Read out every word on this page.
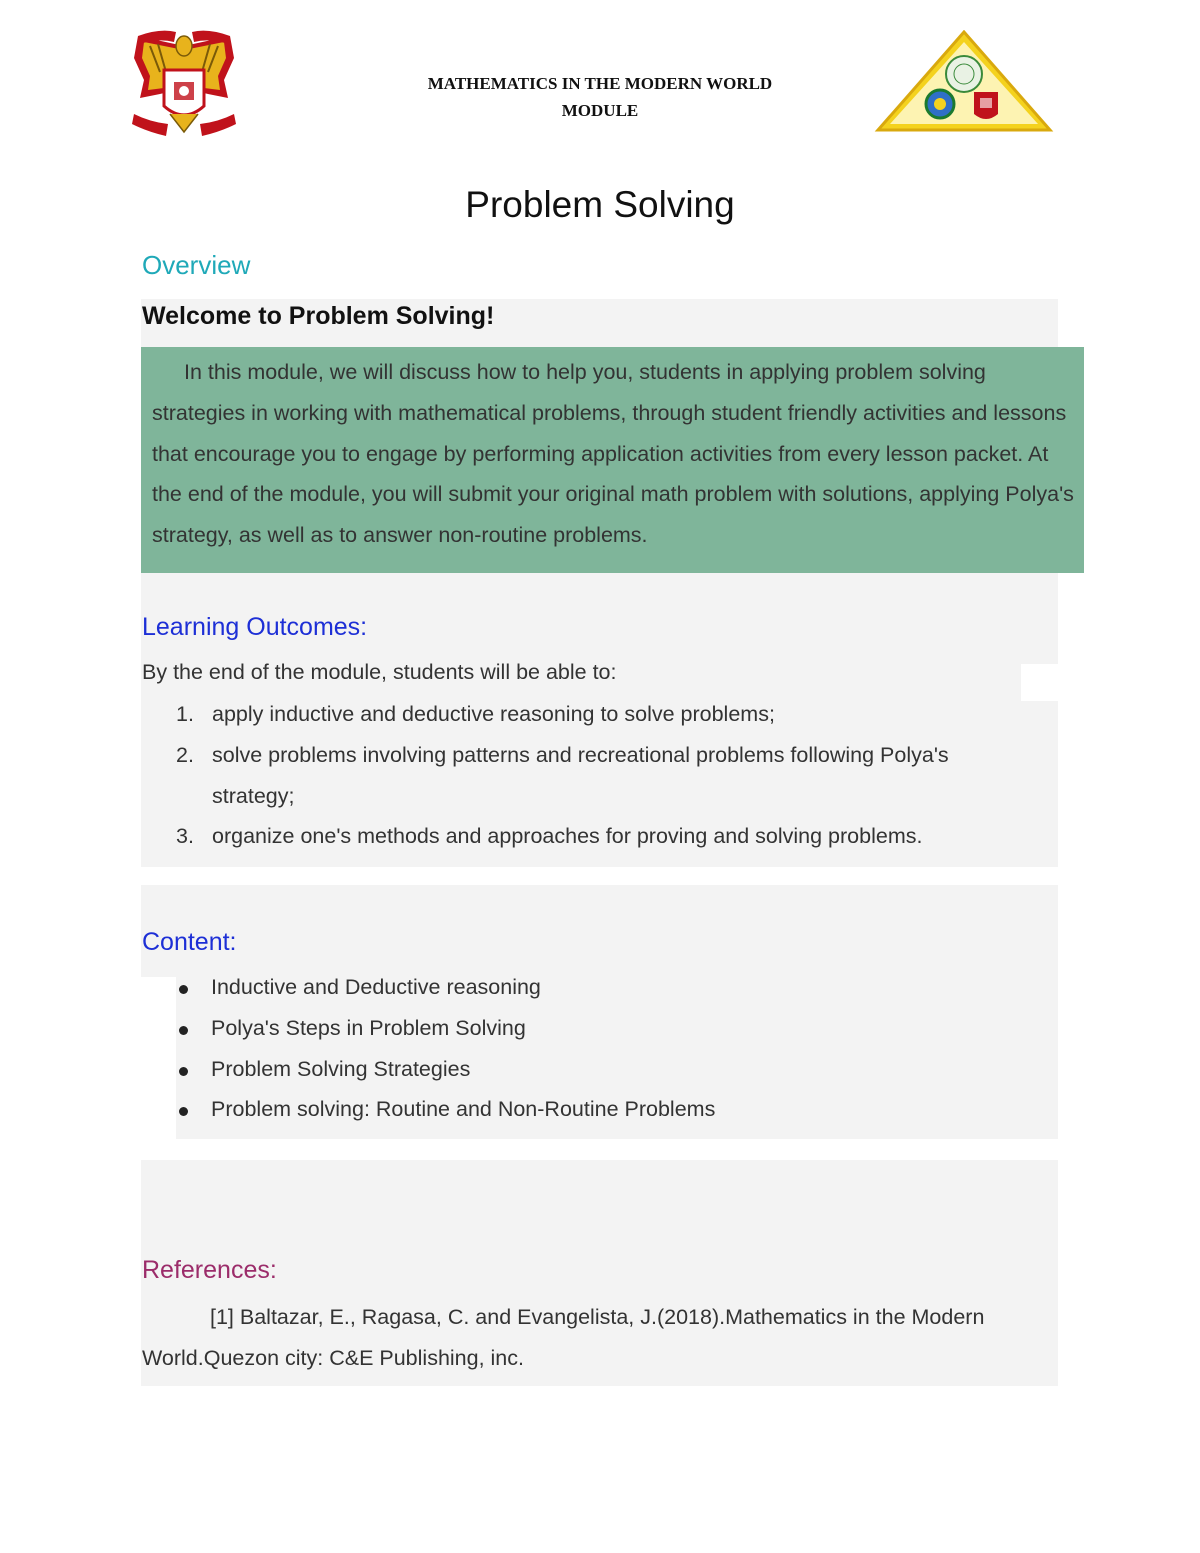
MATHEMATICS IN THE MODERN WORLD
MODULE
Problem Solving
Overview
Welcome to Problem Solving!
In this module, we will discuss how to help you, students in applying problem solving strategies in working with mathematical problems, through student friendly activities and lessons that encourage you to engage by performing application activities from every lesson packet. At the end of the module, you will submit your original math problem with solutions, applying Polya's strategy, as well as to answer non-routine problems.
Learning Outcomes:
By the end of the module, students will be able to:
1. apply inductive and deductive reasoning to solve problems;
2. solve problems involving patterns and recreational problems following Polya's strategy;
3. organize one's methods and approaches for proving and solving problems.
Content:
Inductive and Deductive reasoning
Polya's Steps in Problem Solving
Problem Solving Strategies
Problem solving: Routine and Non-Routine Problems
References:
[1] Baltazar, E., Ragasa, C. and Evangelista, J.(2018).Mathematics in the Modern World.Quezon city: C&E Publishing, inc.
